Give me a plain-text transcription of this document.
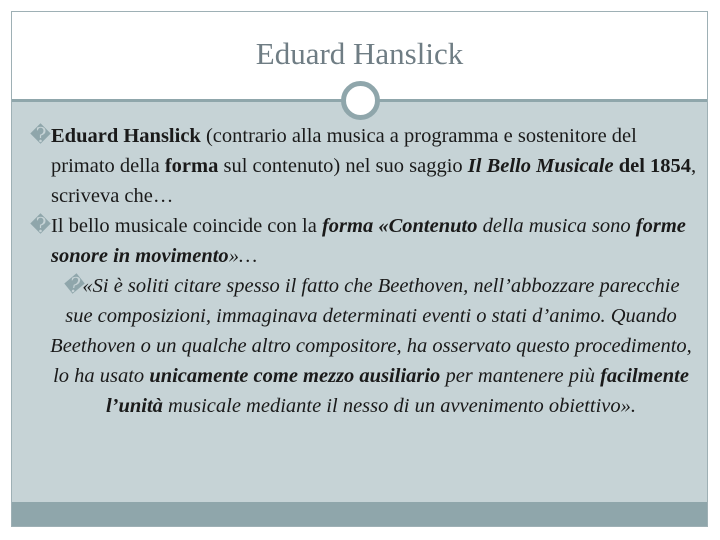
Eduard Hanslick

�Eduard Hanslick (contrario alla musica a programma e sostenitore del primato della forma sul contenuto) nel suo saggio Il Bello Musicale del 1854, scriveva che…

�Il bello musicale coincide con la forma «Contenuto della musica sono forme sonore in movimento»…

�«Si è soliti citare spesso il fatto che Beethoven, nell’abbozzare parecchie sue composizioni, immaginava determinati eventi o stati d’animo. Quando Beethoven o un qualche altro compositore, ha osservato questo procedimento, lo ha usato unicamente come mezzo ausiliario per mantenere più facilmente l’unità musicale mediante il nesso di un avvenimento obiettivo».
